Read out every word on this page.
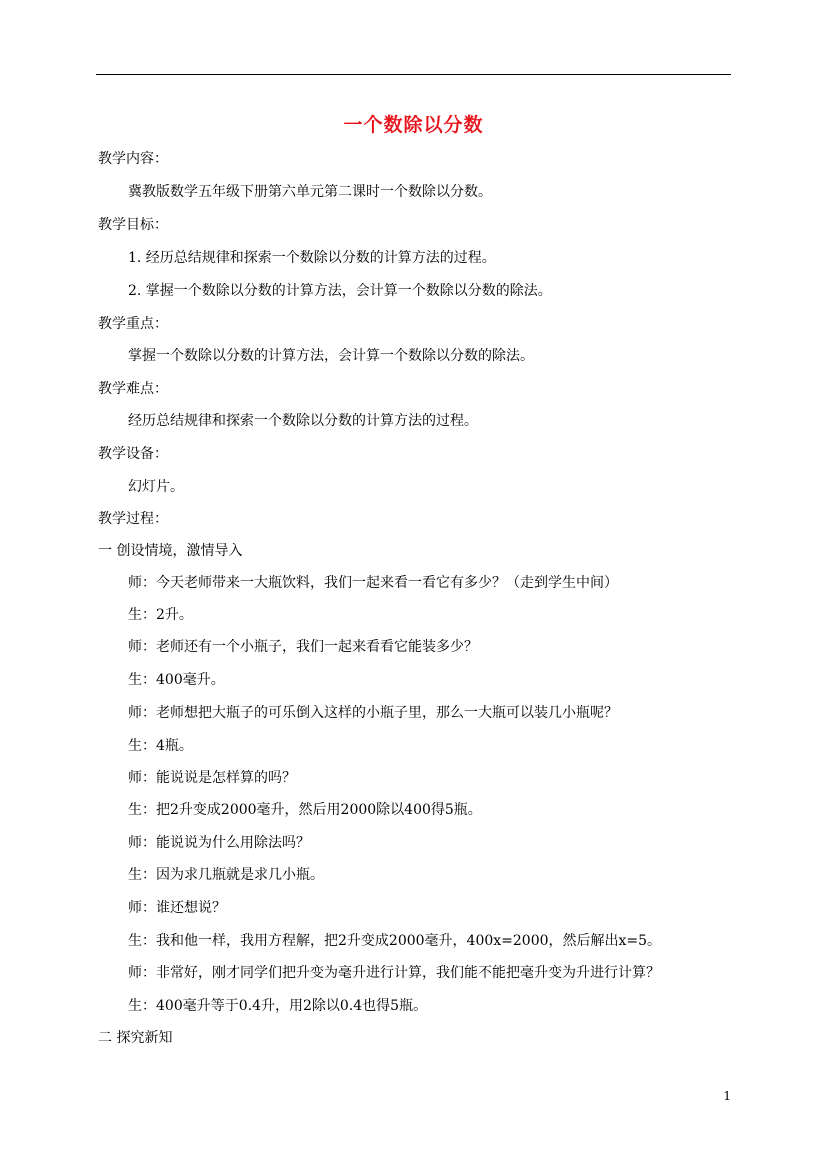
一个数除以分数
教学内容：
冀教版数学五年级下册第六单元第二课时一个数除以分数。
教学目标：
1. 经历总结规律和探索一个数除以分数的计算方法的过程。
2. 掌握一个数除以分数的计算方法，会计算一个数除以分数的除法。
教学重点：
掌握一个数除以分数的计算方法，会计算一个数除以分数的除法。
教学难点：
经历总结规律和探索一个数除以分数的计算方法的过程。
教学设备：
幻灯片。
教学过程：
一 创设情境，激情导入
师：今天老师带来一大瓶饮料，我们一起来看一看它有多少？（走到学生中间）
生：2升。
师：老师还有一个小瓶子，我们一起来看看它能装多少？
生：400毫升。
师：老师想把大瓶子的可乐倒入这样的小瓶子里，那么一大瓶可以装几小瓶呢？
生：4瓶。
师：能说说是怎样算的吗？
生：把2升变成2000毫升，然后用2000除以400得5瓶。
师：能说说为什么用除法吗？
生：因为求几瓶就是求几小瓶。
师：谁还想说？
生：我和他一样，我用方程解，把2升变成2000毫升，400x=2000，然后解出x=5。
师：非常好，刚才同学们把升变为毫升进行计算，我们能不能把毫升变为升进行计算？
生：400毫升等于0.4升，用2除以0.4也得5瓶。
二 探究新知
1
